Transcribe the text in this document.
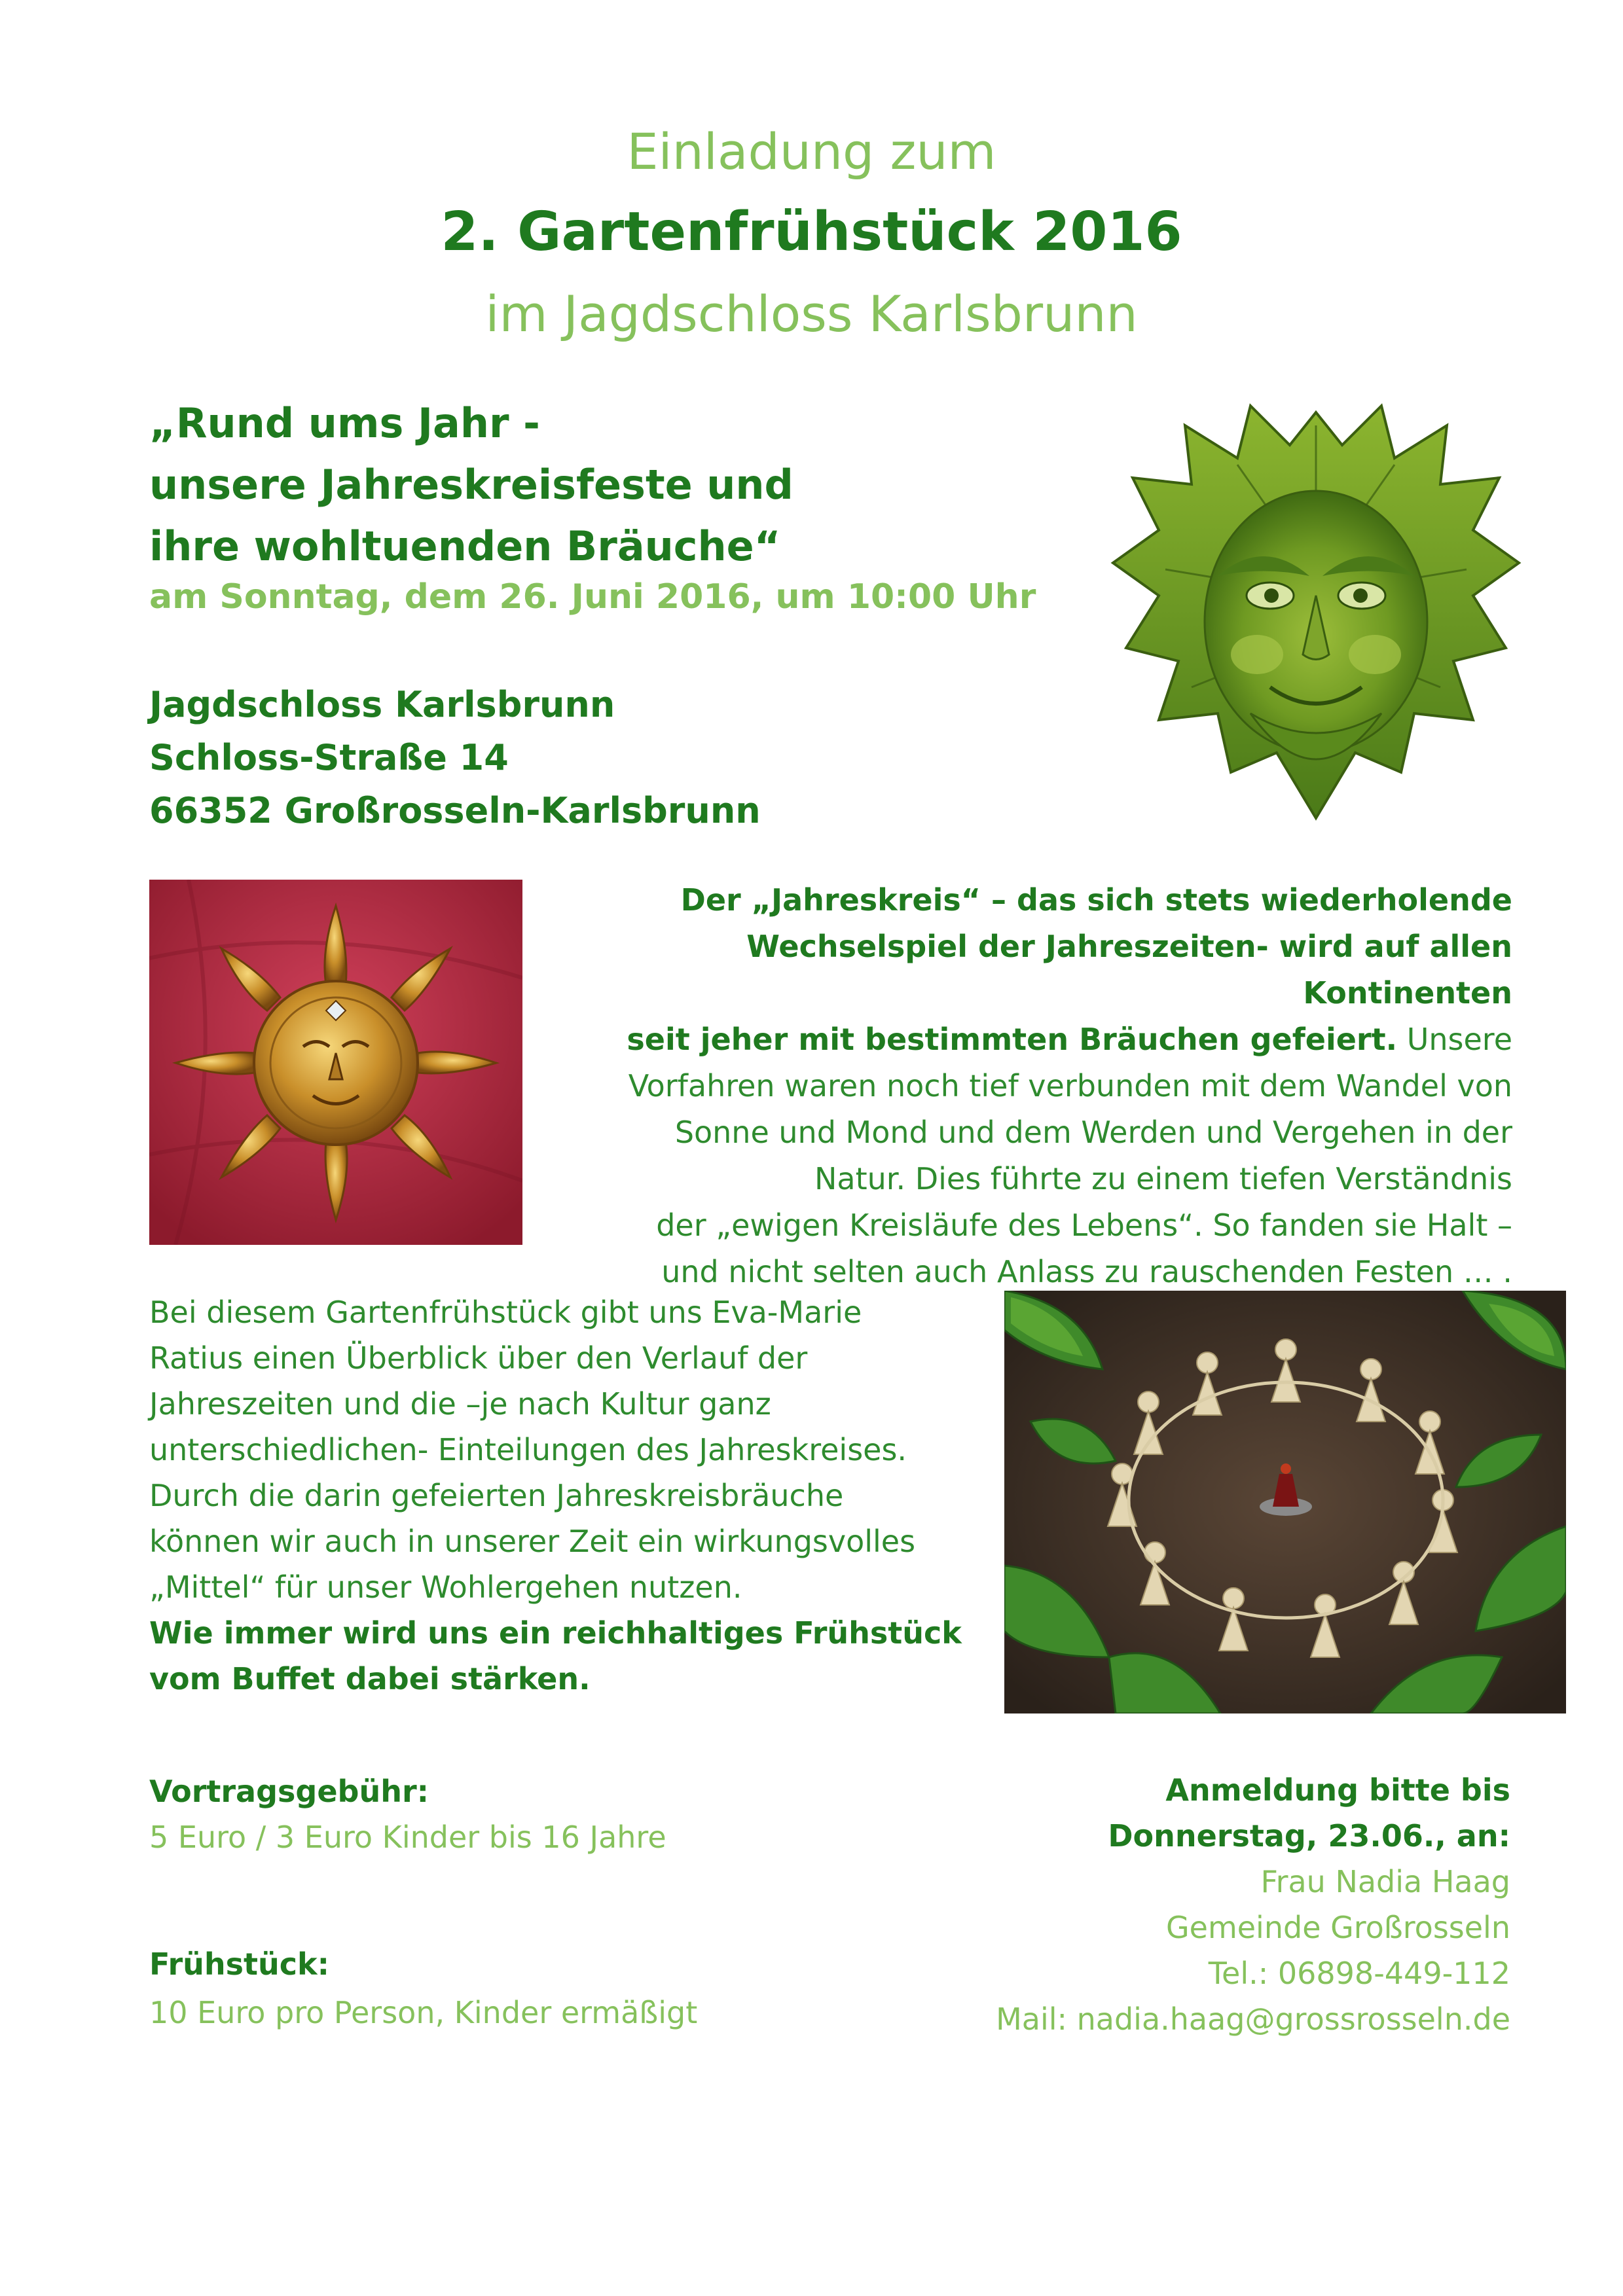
Einladung zum
2. Gartenfrühstück 2016
im Jagdschloss Karlsbrunn
„Rund ums Jahr -
unsere Jahreskreisfeste und
ihre wohltuenden Bräuche“
am Sonntag, dem 26. Juni 2016, um 10:00 Uhr
Jagdschloss Karlsbrunn
Schloss-Straße 14
66352 Großrosseln-Karlsbrunn
Der „Jahreskreis“ – das sich stets wiederholende
Wechselspiel der Jahreszeiten- wird auf allen Kontinenten
seit jeher mit bestimmten Bräuchen gefeiert. Unsere
Vorfahren waren noch tief verbunden mit dem Wandel von
Sonne und Mond und dem Werden und Vergehen in der
Natur. Dies führte zu einem tiefen Verständnis
der „ewigen Kreisläufe des Lebens“. So fanden sie Halt –
und nicht selten auch Anlass zu rauschenden Festen … .
Bei diesem Gartenfrühstück gibt uns Eva-Marie
Ratius einen Überblick über den Verlauf der
Jahreszeiten und die –je nach Kultur ganz
unterschiedlichen- Einteilungen des Jahreskreises.
Durch die darin gefeierten Jahreskreisbräuche
können wir auch in unserer Zeit ein wirkungsvolles
„Mittel“ für unser Wohlergehen nutzen.
Wie immer wird uns ein reichhaltiges Frühstück
vom Buffet dabei stärken.
Vortragsgebühr:
5 Euro / 3 Euro Kinder bis 16 Jahre
Frühstück:
10 Euro pro Person, Kinder ermäßigt
Anmeldung bitte bis
Donnerstag, 23.06., an:
Frau Nadia Haag
Gemeinde Großrosseln
Tel.: 06898-449-112
Mail: nadia.haag@grossrosseln.de
